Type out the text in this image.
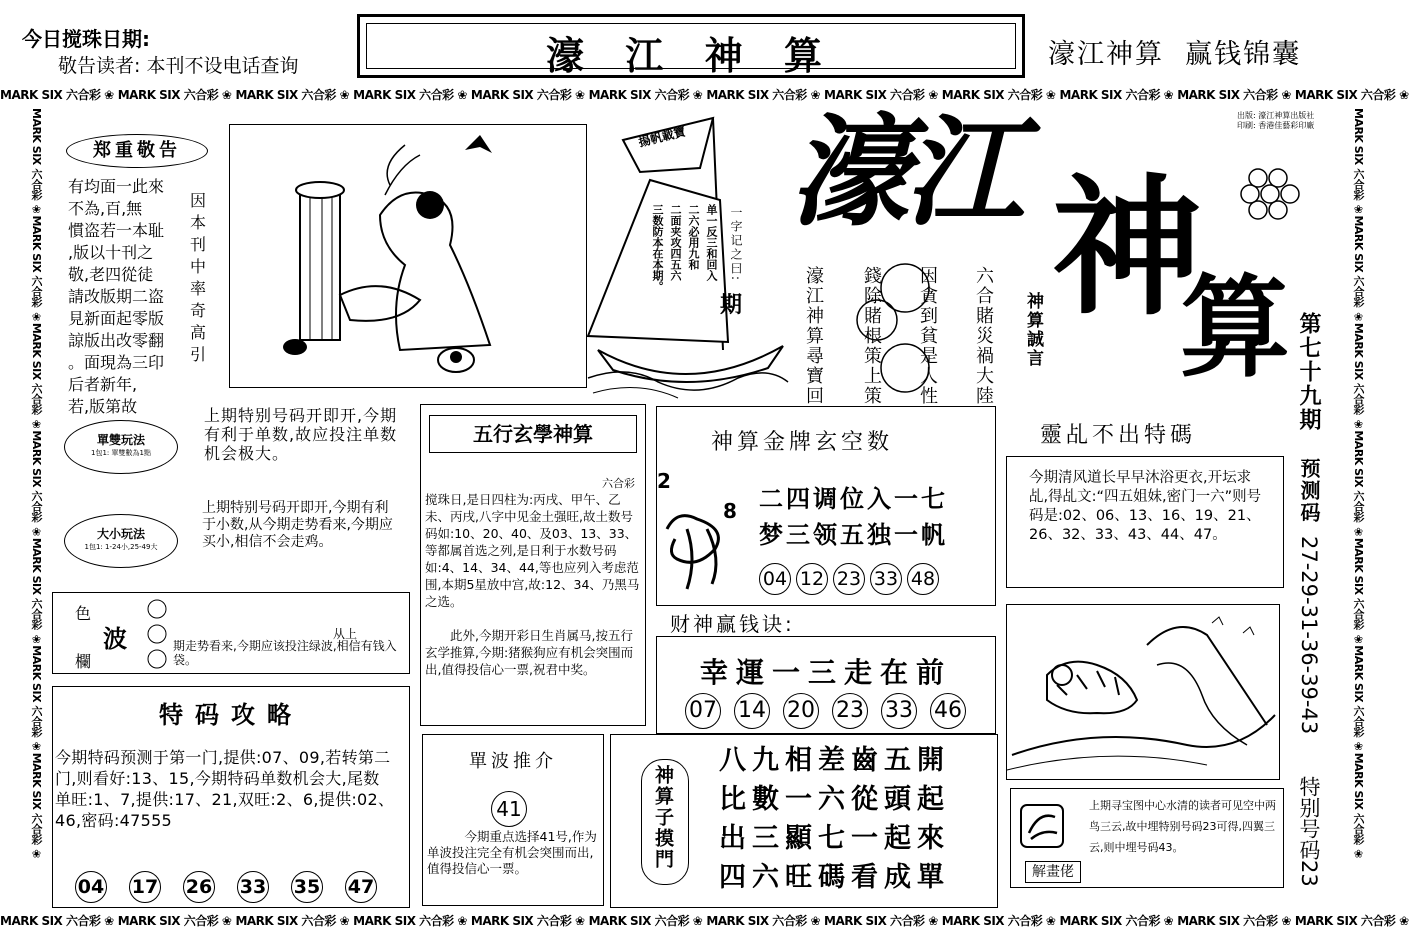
今日搅珠日期:
敬告读者: 本刊不设电话查询	濠 江 神 算	濠江神算  赢钱锦囊
MARK SIX 六合彩 ❀ MARK SIX 六合彩 ❀ MARK SIX 六合彩 ❀ MARK SIX 六合彩 ❀ MARK SIX 六合彩 ❀ MARK SIX 六合彩 ❀ MARK SIX 六合彩 ❀ MARK SIX 六合彩 ❀ MARK SIX 六合彩 ❀ MARK SIX 六合彩 ❀ MARK SIX 六合彩 ❀ MARK SIX 六合彩 ❀
MARK SIX 六合彩 ❀ MARK SIX 六合彩 ❀ MARK SIX 六合彩 ❀ MARK SIX 六合彩 ❀ MARK SIX 六合彩 ❀ MARK SIX 六合彩 ❀ MARK SIX 六合彩 ❀ MARK SIX 六合彩 ❀ MARK SIX 六合彩 ❀ MARK SIX 六合彩 ❀ MARK SIX 六合彩 ❀ MARK SIX 六合彩 ❀
MARK SIX 六合彩 ❀MARK SIX 六合彩 ❀MARK SIX 六合彩 ❀MARK SIX 六合彩 ❀MARK SIX 六合彩 ❀MARK SIX 六合彩 ❀MARK SIX 六合彩 ❀
MARK SIX 六合彩 ❀MARK SIX 六合彩 ❀MARK SIX 六合彩 ❀MARK SIX 六合彩 ❀MARK SIX 六合彩 ❀MARK SIX 六合彩 ❀MARK SIX 六合彩 ❀
出版: 濠江神算出版社
印刷: 香港佳藝彩印廠
郑重敬告

有均面一此來

不為,百,無

慣盗若一本耻

,版以十刊之

敬,老四從徒

請改版期二盗

見新面起零版

諒版出改零翻

。面現為三印

后者新年,

若,版第故

因

本

刊

中

率

奇

高

引

揚帆載寶
一字记之曰:

单一反三和回入

二六必用九和

二面夹攻四五六

三数防本在本期。

期
濠江 神
算
濠江神算尋寶回 錢除賭根策上策 因貪到貧是人性 六合賭災禍大陸 神算誠言	第七十九期
预测码
27-29-31-36-39-43
特别号码23
單雙玩法
1包1: 單雙數為1點
上期特别号码开即开,今期有利于单数,故应投注单数机会极大。
大小玩法
1包1: 1-24小,25-49大
上期特别号码开即开,今期有利于小数,从今期走势看来,今期应买小,相信不会走鸡。
色
波
欄
从上
期走势看来,今期应该投注绿波,相信有钱入袋。
特码攻略
今期特码预测于第一门,提供:07、09,若转第二门,则看好:13、15,今期特码单数机会大,尾数单旺:1、7,提供:17、21,双旺:2、6,提供:02、46,密码:47555
04 17 26 33 35 47
五行玄學神算
六合彩
搅珠日,是日四柱为:丙戌、甲午、乙未、丙戌,八字中见金土强旺,故土数号码如:10、20、40、及03、13、33、等都属首选之列,是日利于水数号码如:4、14、34、44,等也应列入考虑范围,本期5星放中宫,故:12、34、乃黑马之选。
此外,今期开彩日生肖属马,按五行玄学推算,今期:猪猴狗应有机会突围而出,值得投信心一票,祝君中奖。
神算金牌玄空数
2
8 二四调位入一七
梦三领五独一帆
04 12 23 33 48
财神赢钱诀:
幸運一三走在前
07 14 20 23 33 46
單波推介
41
今期重点选择41号,作为单波投注完全有机会突围而出,值得投信心一票。	神算子摸門

八九相差齒五開

比數一六從頭起

出三顯七一起來

四六旺碼看成單

靈乩不出特碼
今期清风道长早早沐浴更衣,开坛求乩,得乩文:“四五姐妹,密门一六”则号码是:02、06、13、16、19、21、26、32、33、43、44、47。
上期寻宝图中心水清的读者可见空中两鸟三云,故中埋特别号码23可得,四翼三云,则中埋号码43。
解畫佬
